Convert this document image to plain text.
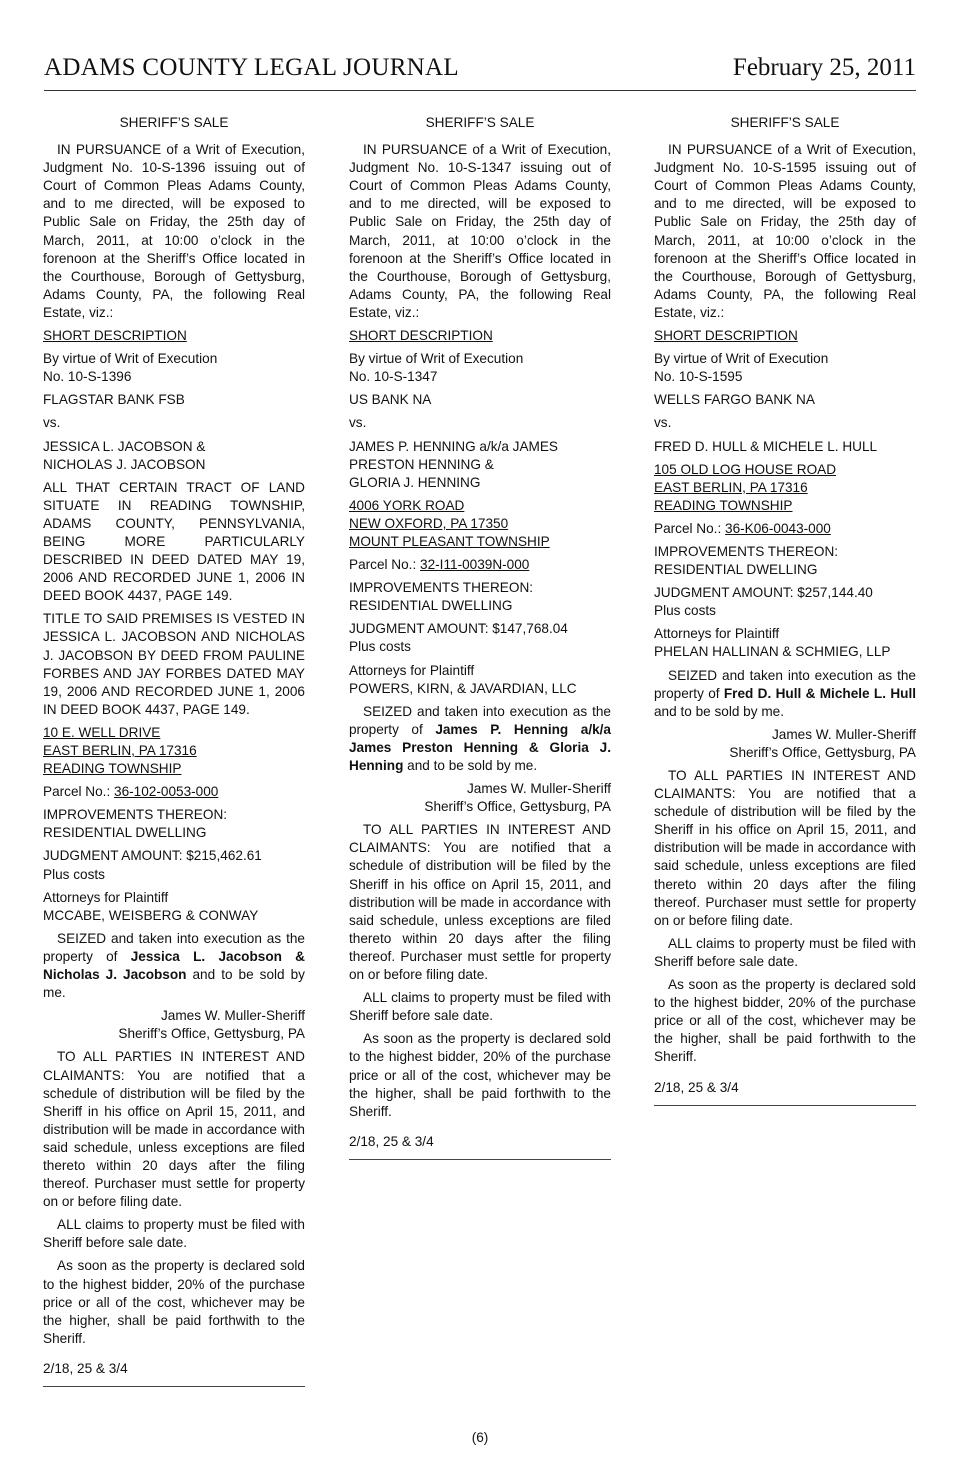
ADAMS COUNTY LEGAL JOURNAL	February 25, 2011

SHERIFF’S SALE

IN PURSUANCE of a Writ of Execution, Judgment No. 10-S-1396 issuing out of Court of Common Pleas Adams County, and to me directed, will be exposed to Public Sale on Friday, the 25th day of March, 2011, at 10:00 o’clock in the forenoon at the Sheriff’s Office located in the Courthouse, Borough of Gettysburg, Adams County, PA, the following Real Estate, viz.:

SHORT DESCRIPTION

By virtue of Writ of Execution
No. 10-S-1396

FLAGSTAR BANK FSB

vs.

JESSICA L. JACOBSON &
NICHOLAS J. JACOBSON

ALL THAT CERTAIN TRACT OF LAND SITUATE IN READING TOWNSHIP, ADAMS COUNTY, PENNSYLVANIA, BEING MORE PARTICULARLY DESCRIBED IN DEED DATED MAY 19, 2006 AND RECORDED JUNE 1, 2006 IN DEED BOOK 4437, PAGE 149.

TITLE TO SAID PREMISES IS VESTED IN JESSICA L. JACOBSON AND NICHOLAS J. JACOBSON BY DEED FROM PAULINE FORBES AND JAY FORBES DATED MAY 19, 2006 AND RECORDED JUNE 1, 2006 IN DEED BOOK 4437, PAGE 149.

10 E. WELL DRIVE
EAST BERLIN, PA 17316
READING TOWNSHIP

Parcel No.: 36-102-0053-000

IMPROVEMENTS THEREON:
RESIDENTIAL DWELLING

JUDGMENT AMOUNT: $215,462.61
Plus costs

Attorneys for Plaintiff
MCCABE, WEISBERG & CONWAY

SEIZED and taken into execution as the property of Jessica L. Jacobson & Nicholas J. Jacobson and to be sold by me.

James W. Muller-Sheriff
Sheriff’s Office, Gettysburg, PA

TO ALL PARTIES IN INTEREST AND CLAIMANTS: You are notified that a schedule of distribution will be filed by the Sheriff in his office on April 15, 2011, and distribution will be made in accordance with said schedule, unless exceptions are filed thereto within 20 days after the filing thereof. Purchaser must settle for property on or before filing date.

ALL claims to property must be filed with Sheriff before sale date.

As soon as the property is declared sold to the highest bidder, 20% of the purchase price or all of the cost, whichever may be the higher, shall be paid forthwith to the Sheriff.

2/18, 25 & 3/4

SHERIFF’S SALE

IN PURSUANCE of a Writ of Execution, Judgment No. 10-S-1347 issuing out of Court of Common Pleas Adams County, and to me directed, will be exposed to Public Sale on Friday, the 25th day of March, 2011, at 10:00 o’clock in the forenoon at the Sheriff’s Office located in the Courthouse, Borough of Gettysburg, Adams County, PA, the following Real Estate, viz.:

SHORT DESCRIPTION

By virtue of Writ of Execution
No. 10-S-1347

US BANK NA

vs.

JAMES P. HENNING a/k/a JAMES
PRESTON HENNING &
GLORIA J. HENNING

4006 YORK ROAD
NEW OXFORD, PA 17350
MOUNT PLEASANT TOWNSHIP

Parcel No.: 32-I11-0039N-000

IMPROVEMENTS THEREON:
RESIDENTIAL DWELLING

JUDGMENT AMOUNT: $147,768.04
Plus costs

Attorneys for Plaintiff
POWERS, KIRN, & JAVARDIAN, LLC

SEIZED and taken into execution as the property of James P. Henning a/k/a James Preston Henning & Gloria J. Henning and to be sold by me.

James W. Muller-Sheriff
Sheriff’s Office, Gettysburg, PA

TO ALL PARTIES IN INTEREST AND CLAIMANTS: You are notified that a schedule of distribution will be filed by the Sheriff in his office on April 15, 2011, and distribution will be made in accordance with said schedule, unless exceptions are filed thereto within 20 days after the filing thereof. Purchaser must settle for property on or before filing date.

ALL claims to property must be filed with Sheriff before sale date.

As soon as the property is declared sold to the highest bidder, 20% of the purchase price or all of the cost, whichever may be the higher, shall be paid forthwith to the Sheriff.

2/18, 25 & 3/4

SHERIFF’S SALE

IN PURSUANCE of a Writ of Execution, Judgment No. 10-S-1595 issuing out of Court of Common Pleas Adams County, and to me directed, will be exposed to Public Sale on Friday, the 25th day of March, 2011, at 10:00 o’clock in the forenoon at the Sheriff’s Office located in the Courthouse, Borough of Gettysburg, Adams County, PA, the following Real Estate, viz.:

SHORT DESCRIPTION

By virtue of Writ of Execution
No. 10-S-1595

WELLS FARGO BANK NA

vs.

FRED D. HULL & MICHELE L. HULL

105 OLD LOG HOUSE ROAD
EAST BERLIN, PA 17316
READING TOWNSHIP

Parcel No.: 36-K06-0043-000

IMPROVEMENTS THEREON:
RESIDENTIAL DWELLING

JUDGMENT AMOUNT: $257,144.40
Plus costs

Attorneys for Plaintiff
PHELAN HALLINAN & SCHMIEG, LLP

SEIZED and taken into execution as the property of Fred D. Hull & Michele L. Hull and to be sold by me.

James W. Muller-Sheriff
Sheriff’s Office, Gettysburg, PA

TO ALL PARTIES IN INTEREST AND CLAIMANTS: You are notified that a schedule of distribution will be filed by the Sheriff in his office on April 15, 2011, and distribution will be made in accordance with said schedule, unless exceptions are filed thereto within 20 days after the filing thereof. Purchaser must settle for property on or before filing date.

ALL claims to property must be filed with Sheriff before sale date.

As soon as the property is declared sold to the highest bidder, 20% of the purchase price or all of the cost, whichever may be the higher, shall be paid forthwith to the Sheriff.

2/18, 25 & 3/4

(6)
